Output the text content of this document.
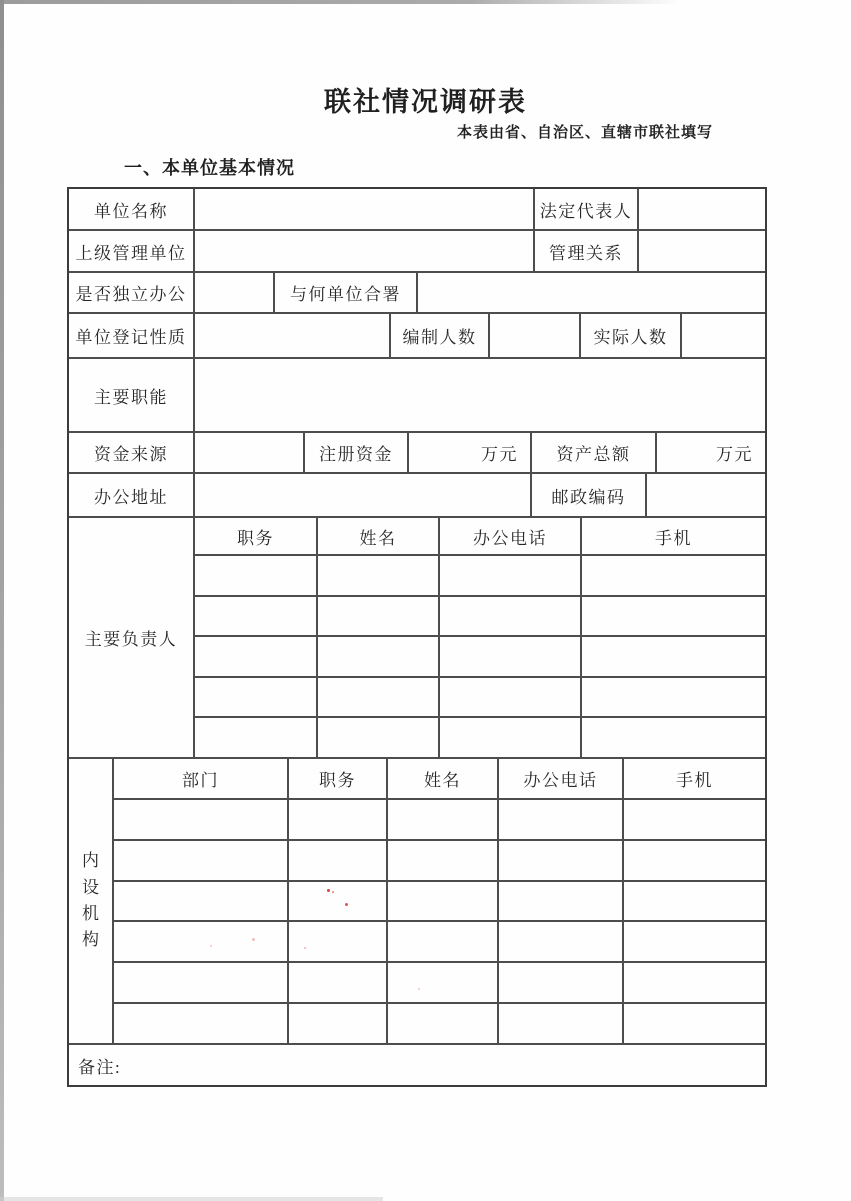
联社情况调研表
本表由省、自治区、直辖市联社填写
一、本单位基本情况
单位名称	法定代表人
上级管理单位	管理关系
是否独立办公	与何单位合署
单位登记性质	编制人数	实际人数
主要职能
资金来源	注册资金	万元	资产总额	万元
办公地址	邮政编码
主要负责人
职务	姓名	办公电话	手机
内
设
机
构
部门	职务	姓名	办公电话	手机
备注:
